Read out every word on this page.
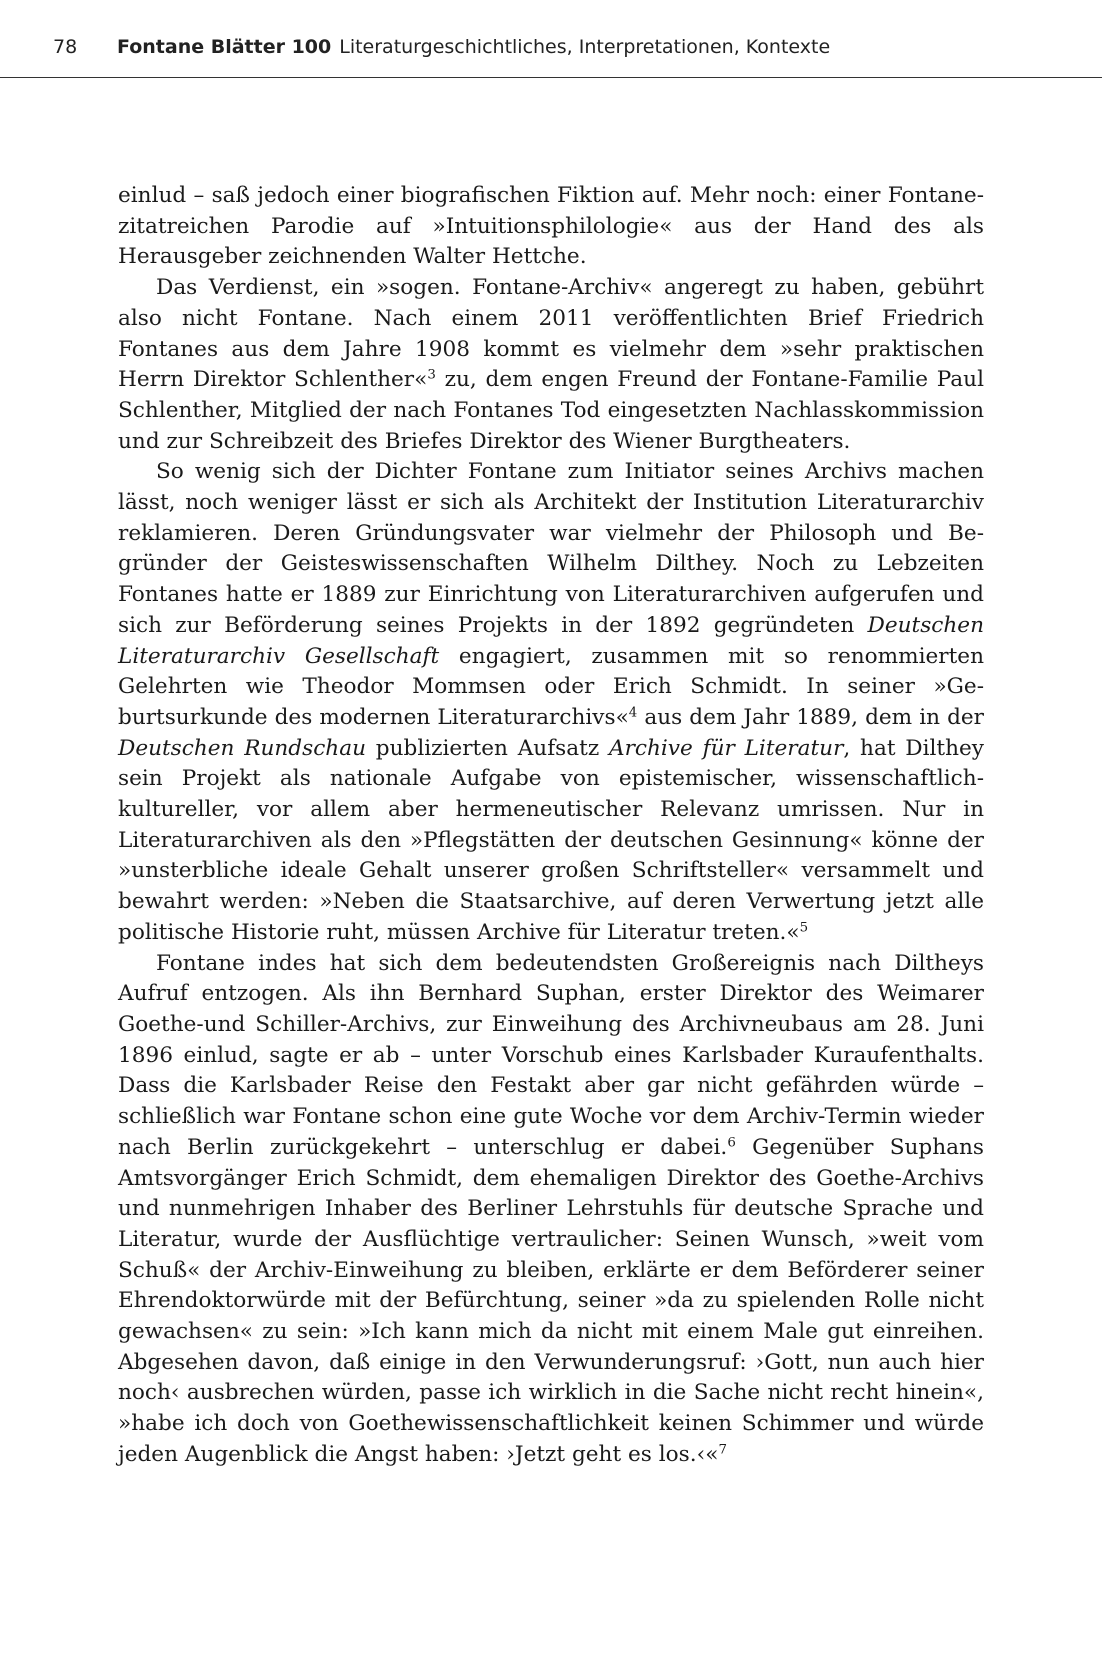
78 Fontane Blätter 100 Literaturgeschichtliches, Interpretationen, Kontexte

einlud – saß jedoch einer biografischen Fiktion auf. Mehr noch: einer Fontane-zitatreichen Parodie auf »Intuitionsphilologie« aus der Hand des als Herausgeber zeichnenden Walter Hettche.

Das Verdienst, ein »sogen. Fontane-Archiv« angeregt zu haben, gebührt also nicht Fontane. Nach einem 2011 veröffentlichten Brief Friedrich Fontanes aus dem Jahre 1908 kommt es vielmehr dem »sehr praktischen Herrn Direktor Schlenther«$^3$ zu, dem engen Freund der Fontane-Familie Paul Schlenther, Mitglied der nach Fontanes Tod eingesetzten Nachlasskommission und zur Schreibzeit des Briefes Direktor des Wiener Burgtheaters.

So wenig sich der Dichter Fontane zum Initiator seines Archivs machen lässt, noch weniger lässt er sich als Architekt der Institution Literaturarchiv reklamieren. Deren Gründungsvater war vielmehr der Philosoph und Begründer der Geisteswissenschaften Wilhelm Dilthey. Noch zu Lebzeiten Fontanes hatte er 1889 zur Einrichtung von Literaturarchiven aufgerufen und sich zur Beförderung seines Projekts in der 1892 gegründeten Deutschen Literaturarchiv Gesellschaft engagiert, zusammen mit so renommierten Gelehrten wie Theodor Mommsen oder Erich Schmidt. In seiner »Geburtsurkunde des modernen Literaturarchivs«$^4$ aus dem Jahr 1889, dem in der Deutschen Rundschau publizierten Aufsatz Archive für Literatur, hat Dilthey sein Projekt als nationale Aufgabe von epistemischer, wissenschaftlich-kultureller, vor allem aber hermeneutischer Relevanz umrissen. Nur in Literaturarchiven als den »Pflegstätten der deutschen Gesinnung« könne der »unsterbliche ideale Gehalt unserer großen Schriftsteller« versammelt und bewahrt werden: »Neben die Staatsarchive, auf deren Verwertung jetzt alle politische Historie ruht, müssen Archive für Literatur treten.«$^5$

Fontane indes hat sich dem bedeutendsten Großereignis nach Diltheys Aufruf entzogen. Als ihn Bernhard Suphan, erster Direktor des Weimarer Goethe-und Schiller-Archivs, zur Einweihung des Archivneubaus am 28. Juni 1896 einlud, sagte er ab – unter Vorschub eines Karlsbader Kuraufenthalts. Dass die Karlsbader Reise den Festakt aber gar nicht gefährden würde – schließlich war Fontane schon eine gute Woche vor dem Archiv-Termin wieder nach Berlin zurückgekehrt – unterschlug er dabei.$^6$ Gegenüber Suphans Amtsvorgänger Erich Schmidt, dem ehemaligen Direktor des Goethe-Archivs und nunmehrigen Inhaber des Berliner Lehrstuhls für deutsche Sprache und Literatur, wurde der Ausflüchtige vertraulicher: Seinen Wunsch, »weit vom Schuß« der Archiv-Einweihung zu bleiben, erklärte er dem Beförderer seiner Ehrendoktorwürde mit der Befürchtung, seiner »da zu spielenden Rolle nicht gewachsen« zu sein: »Ich kann mich da nicht mit einem Male gut einreihen. Abgesehen davon, daß einige in den Verwunderungsruf: ›Gott, nun auch hier noch‹ ausbrechen würden, passe ich wirklich in die Sache nicht recht hinein«, »habe ich doch von Goethewissenschaftlichkeit keinen Schimmer und würde jeden Augenblick die Angst haben: ›Jetzt geht es los.‹«$^7$
